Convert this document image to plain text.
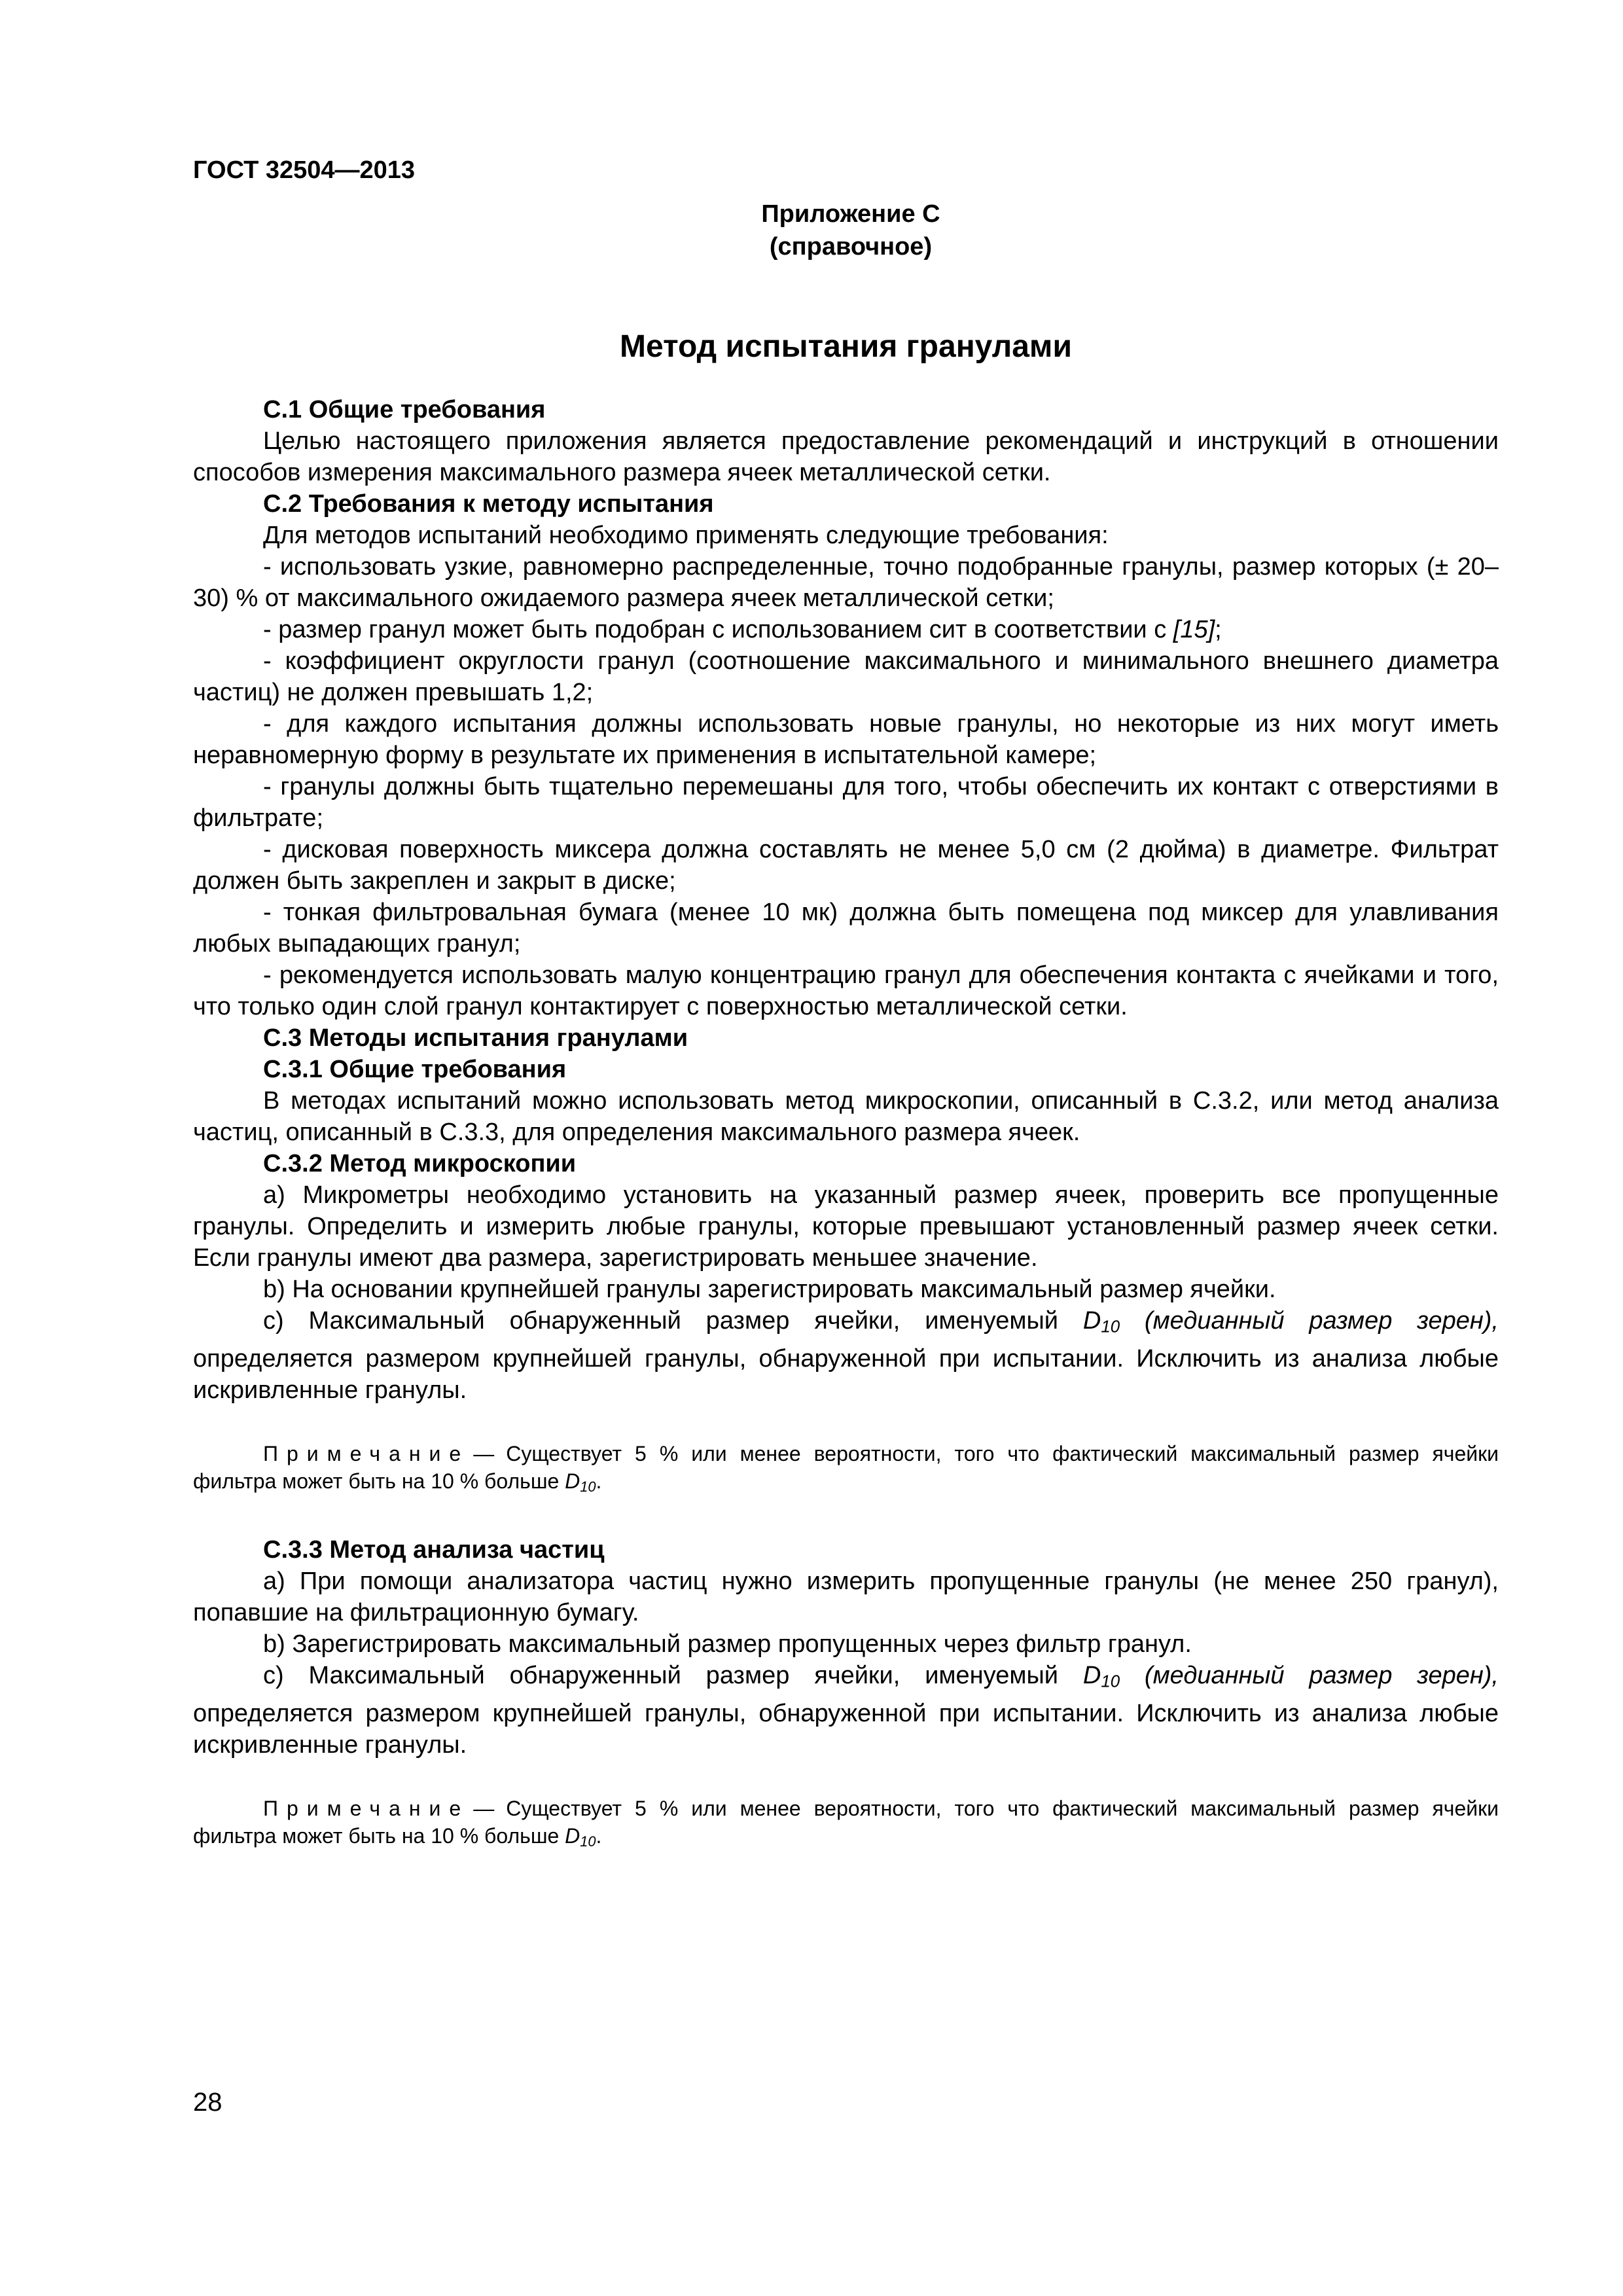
ГОСТ 32504—2013
Приложение С
(справочное)
Метод испытания гранулами
С.1 Общие требования

Целью настоящего приложения является предоставление рекомендаций и инструкций в отношении способов измерения максимального размера ячеек металлической сетки.

С.2 Требования к методу испытания

Для методов испытаний необходимо применять следующие требования:

- использовать узкие, равномерно распределенные, точно подобранные гранулы, размер которых (± 20–30) % от максимального ожидаемого размера ячеек металлической сетки;

- размер гранул может быть подобран с использованием сит в соответствии с [15];

- коэффициент округлости гранул (соотношение максимального и минимального внешнего диаметра частиц) не должен превышать 1,2;

- для каждого испытания должны использовать новые гранулы, но некоторые из них могут иметь неравномерную форму в результате их применения в испытательной камере;

- гранулы должны быть тщательно перемешаны для того, чтобы обеспечить их контакт с отверстиями в фильтрате;

- дисковая поверхность миксера должна составлять не менее 5,0 см (2 дюйма) в диаметре. Фильтрат должен быть закреплен и закрыт в диске;

- тонкая фильтровальная бумага (менее 10 мк) должна быть помещена под миксер для улавливания любых выпадающих гранул;

- рекомендуется использовать малую концентрацию гранул для обеспечения контакта с ячейками и того, что только один слой гранул контактирует с поверхностью металлической сетки.

С.3 Методы испытания гранулами
С.3.1 Общие требования

В методах испытаний можно использовать метод микроскопии, описанный в С.3.2, или метод анализа частиц, описанный в С.3.3, для определения максимального размера ячеек.

С.3.2 Метод микроскопии

а) Микрометры необходимо установить на указанный размер ячеек, проверить все пропущенные гранулы. Определить и измерить любые гранулы, которые превышают установленный размер ячеек сетки. Если гранулы имеют два размера, зарегистрировать меньшее значение.

b) На основании крупнейшей гранулы зарегистрировать максимальный размер ячейки.

с) Максимальный обнаруженный размер ячейки, именуемый $D_{10}$ (медианный размер зерен), определяется размером крупнейшей гранулы, обнаруженной при испытании. Исключить из анализа любые искривленные гранулы.

Примечание — Существует 5 % или менее вероятности, того что фактический максимальный размер ячейки фильтра может быть на 10 % больше $D_{10}$.

С.3.3 Метод анализа частиц

а) При помощи анализатора частиц нужно измерить пропущенные гранулы (не менее 250 гранул), попавшие на фильтрационную бумагу.

b) Зарегистрировать максимальный размер пропущенных через фильтр гранул.

с) Максимальный обнаруженный размер ячейки, именуемый $D_{10}$ (медианный размер зерен), определяется размером крупнейшей гранулы, обнаруженной при испытании. Исключить из анализа любые искривленные гранулы.

Примечание — Существует 5 % или менее вероятности, того что фактический максимальный размер ячейки фильтра может быть на 10 % больше $D_{10}$.

28
